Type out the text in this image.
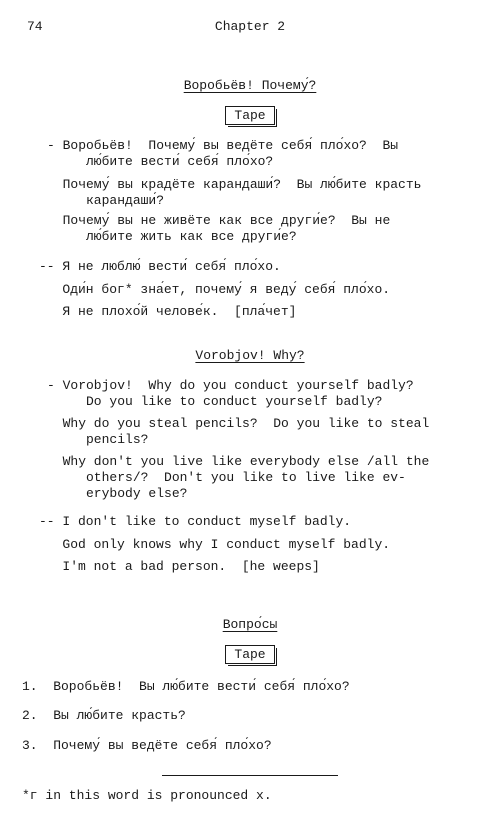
74	Chapter 2
Воробьёв! Почему́?
Tape
- Воробьёв!  Почему́ вы ведёте себя́ пло́хо?  Вы
лю́бите вести́ себя́ пло́хо?
Почему́ вы крадёте карандаши́?  Вы лю́бите красть
карандаши́?
Почему́ вы не живёте как все други́е?  Вы не
лю́бите жить как все други́е?
-- Я не люблю́ вести́ себя́ пло́хо.
Оди́н бог* зна́ет, почему́ я веду́ себя́ пло́хо.
Я не плохо́й челове́к.  [пла́чет]
Vorobjov! Why?
- Vorobjov!  Why do you conduct yourself badly?
Do you like to conduct yourself badly?
Why do you steal pencils?  Do you like to steal
pencils?
Why don't you live like everybody else /all the
others/?  Don't you like to live like ev-
erybody else?
-- I don't like to conduct myself badly.
God only knows why I conduct myself badly.
I'm not a bad person.  [he weeps]
Вопро́сы
Tape
1.  Воробьёв!  Вы лю́бите вести́ себя́ пло́хо?
2.  Вы лю́бите красть?
3.  Почему́ вы ведёте себя́ пло́хо?
*г in this word is pronounced x.
